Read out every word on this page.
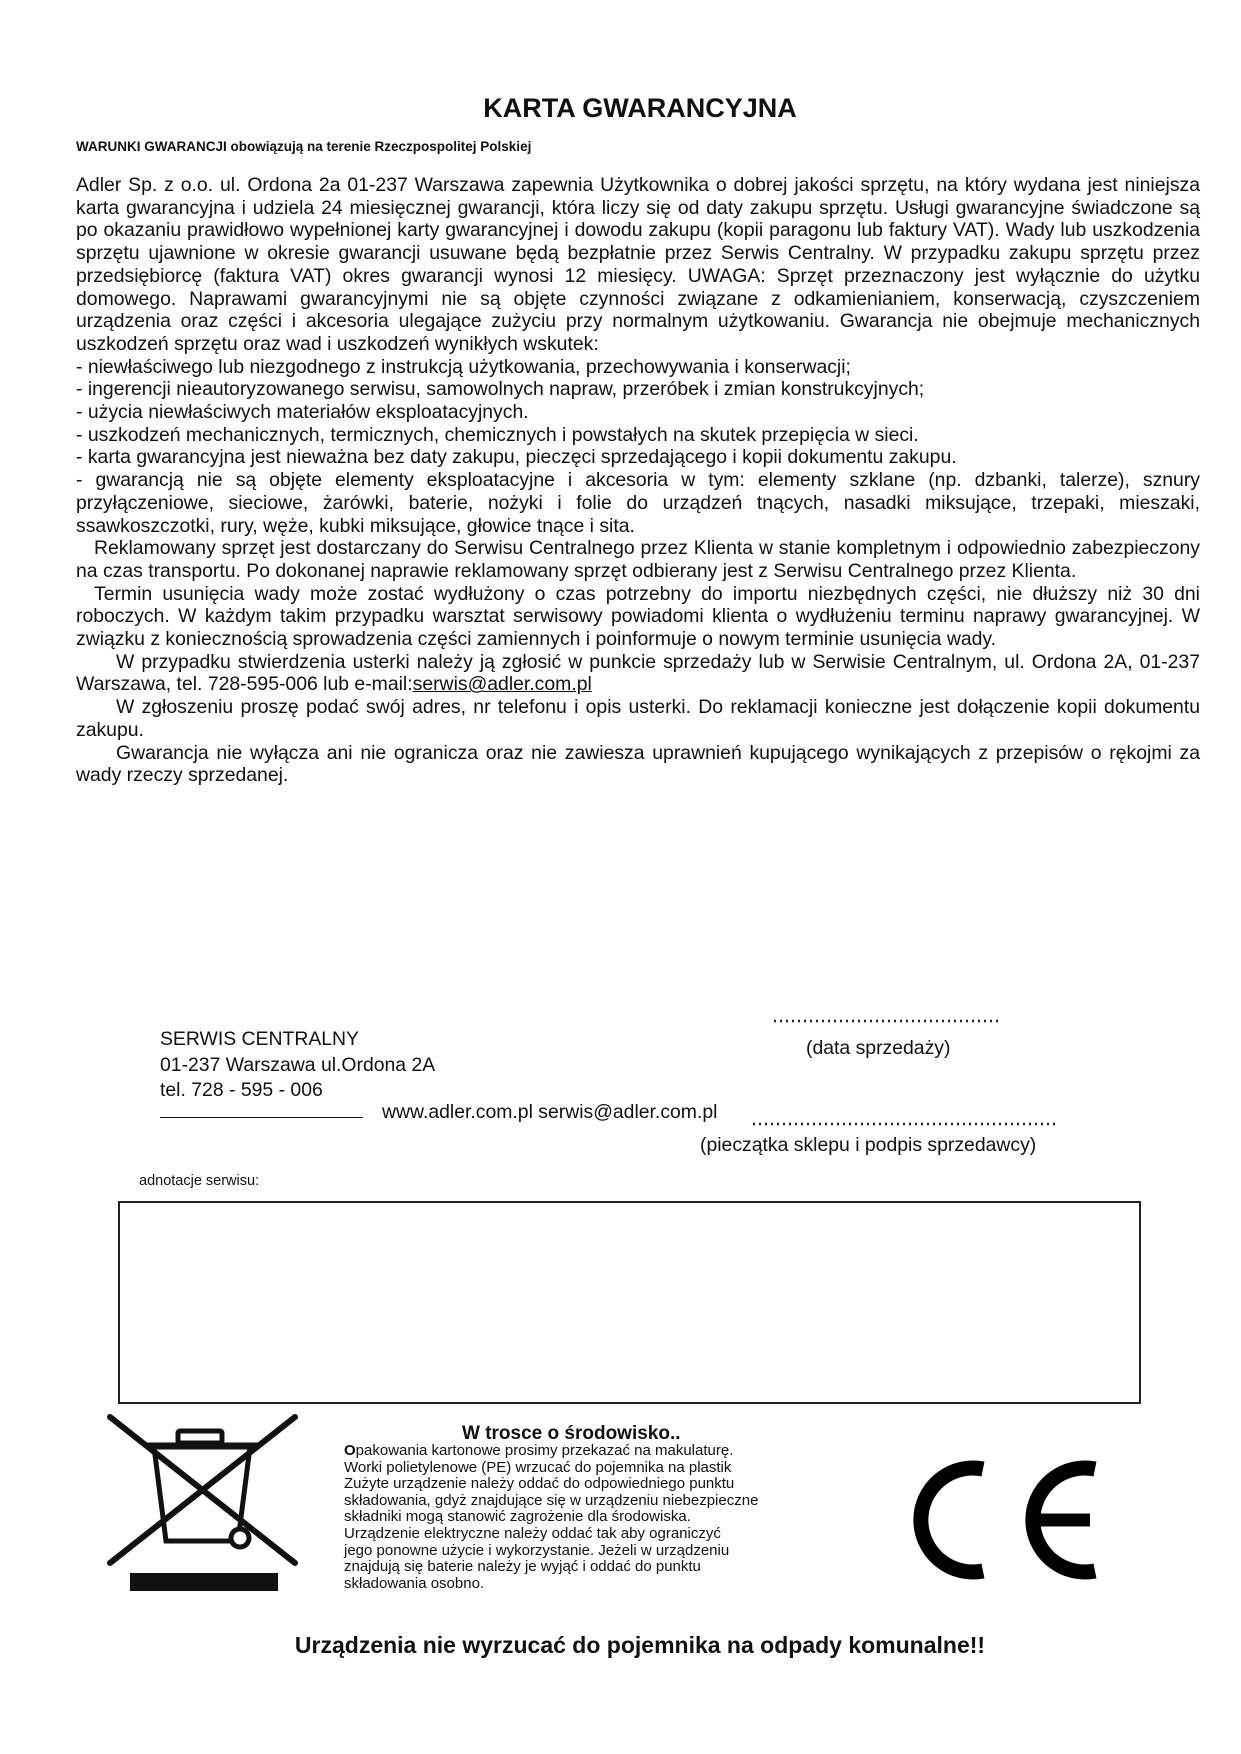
KARTA GWARANCYJNA
WARUNKI GWARANCJI obowiązują na terenie Rzeczpospolitej Polskiej

Adler Sp. z o.o. ul. Ordona 2a 01-237 Warszawa zapewnia Użytkownika o dobrej jakości sprzętu, na który wydana jest niniejsza karta gwarancyjna i udziela 24 miesięcznej gwarancji, która liczy się od daty zakupu sprzętu. Usługi gwarancyjne świadczone są po okazaniu prawidłowo wypełnionej karty gwarancyjnej i dowodu zakupu (kopii paragonu lub faktury VAT). Wady lub uszkodzenia sprzętu ujawnione w okresie gwarancji usuwane będą bezpłatnie przez Serwis Centralny. W przypadku zakupu sprzętu przez przedsiębiorcę (faktura VAT) okres gwarancji wynosi 12 miesięcy. UWAGA: Sprzęt przeznaczony jest wyłącznie do użytku domowego. Naprawami gwarancyjnymi nie są objęte czynności związane z odkamienianiem, konserwacją, czyszczeniem urządzenia oraz części i akcesoria ulegające zużyciu przy normalnym użytkowaniu. Gwarancja nie obejmuje mechanicznych uszkodzeń sprzętu oraz wad i uszkodzeń wynikłych wskutek:

- niewłaściwego lub niezgodnego z instrukcją użytkowania, przechowywania i konserwacji;

- ingerencji nieautoryzowanego serwisu, samowolnych napraw, przeróbek i zmian konstrukcyjnych;

- użycia niewłaściwych materiałów eksploatacyjnych.

- uszkodzeń mechanicznych, termicznych, chemicznych i powstałych na skutek przepięcia w sieci.

- karta gwarancyjna jest nieważna bez daty zakupu, pieczęci sprzedającego i kopii dokumentu zakupu.

- gwarancją nie są objęte elementy eksploatacyjne i akcesoria w tym: elementy szklane (np. dzbanki, talerze), sznury przyłączeniowe, sieciowe, żarówki, baterie, nożyki i folie do urządzeń tnących, nasadki miksujące, trzepaki, mieszaki, ssawkoszczotki, rury, węże, kubki miksujące, głowice tnące i sita.

Reklamowany sprzęt jest dostarczany do Serwisu Centralnego przez Klienta w stanie kompletnym i odpowiednio zabezpieczony na czas transportu. Po dokonanej naprawie reklamowany sprzęt odbierany jest z Serwisu Centralnego przez Klienta.

Termin usunięcia wady może zostać wydłużony o czas potrzebny do importu niezbędnych części, nie dłuższy niż 30 dni roboczych. W każdym takim przypadku warsztat serwisowy powiadomi klienta o wydłużeniu terminu naprawy gwarancyjnej. W związku z koniecznością sprowadzenia części zamiennych i poinformuje o nowym terminie usunięcia wady.

W przypadku stwierdzenia usterki należy ją zgłosić w punkcie sprzedaży lub w Serwisie Centralnym, ul. Ordona 2A, 01-237 Warszawa, tel. 728-595-006 lub e-mail:serwis@adler.com.pl

W zgłoszeniu proszę podać swój adres, nr telefonu i opis usterki. Do reklamacji konieczne jest dołączenie kopii dokumentu zakupu.

Gwarancja nie wyłącza ani nie ogranicza oraz nie zawiesza uprawnień kupującego wynikających z przepisów o rękojmi za wady rzeczy sprzedanej.

SERWIS CENTRALNY
01-237 Warszawa ul.Ordona 2A
tel. 728 - 595 - 006
www.adler.com.pl serwis@adler.com.pl
(data sprzedaży)
(pieczątka sklepu i podpis sprzedawcy)
adnotacje serwisu:
W trosce o środowisko..
Opakowania kartonowe prosimy przekazać na makulaturę.
Worki polietylenowe (PE) wrzucać do pojemnika na plastik
Zużyte urządzenie należy oddać do odpowiedniego punktu
składowania, gdyż znajdujące się w urządzeniu niebezpieczne
składniki mogą stanowić zagrożenie dla środowiska.
Urządzenie elektryczne należy oddać tak aby ograniczyć
jego ponowne użycie i wykorzystanie. Jeżeli w urządzeniu
znajdują się baterie należy je wyjąć i oddać do punktu
składowania osobno.
Urządzenia nie wyrzucać do pojemnika na odpady komunalne!!
